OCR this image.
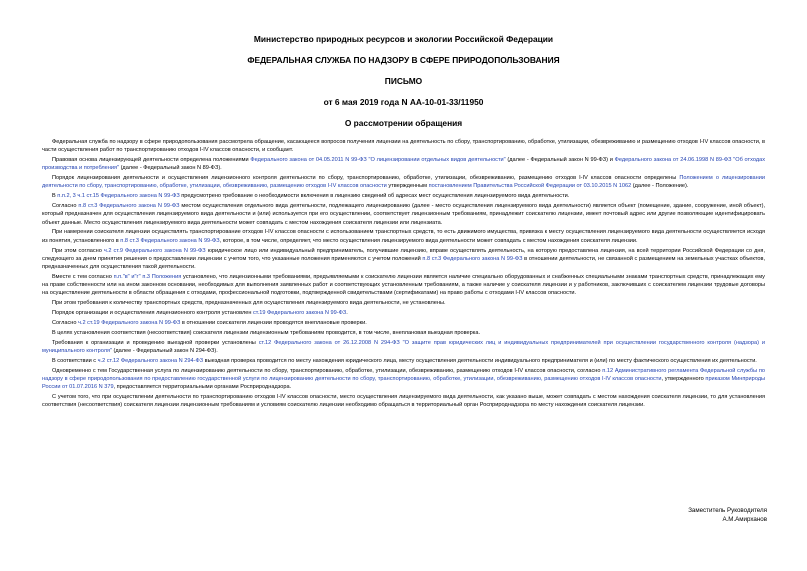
Министерство природных ресурсов и экологии Российской Федерации
ФЕДЕРАЛЬНАЯ СЛУЖБА ПО НАДЗОРУ В СФЕРЕ ПРИРОДОПОЛЬЗОВАНИЯ
ПИСЬМО
от 6 мая 2019 года N АА-10-01-33/11950
О рассмотрении обращения

Федеральная служба по надзору в сфере природопользования рассмотрела обращение, касающееся вопросов получения лицензии на деятельность по сбору, транспортированию, обработке, утилизации, обезвреживанию и размещению отходов I-IV классов опасности, в части осуществления работ по транспортированию отходов I-IV классов опасности, и сообщает.

Правовая основа лицензирующей деятельности определена положениями Федерального закона от 04.05.2011 N 99-ФЗ "О лицензировании отдельных видов деятельности" (далее - Федеральный закон N 99-ФЗ) и Федерального закона от 24.06.1998 N 89-ФЗ "Об отходах производства и потребления" (далее - Федеральный закон N 89-ФЗ).

Порядок лицензирования деятельности и осуществления лицензионного контроля деятельности по сбору, транспортированию, обработке, утилизации, обезвреживанию, размещению отходов I-IV классов опасности определены Положением о лицензировании деятельности по сбору, транспортированию, обработке, утилизации, обезвреживанию, размещению отходов I-IV классов опасности утвержденным постановлением Правительства Российской Федерации от 03.10.2015 N 1062 (далее - Положение).

В п.п.2, 3 ч.1 ст.15 Федерального закона N 99-ФЗ предусмотрено требование о необходимости включения в лицензию сведений об адресах мест осуществления лицензируемого вида деятельности.

Согласно п.8 ст.3 Федерального закона N 99-ФЗ местом осуществления отдельного вида деятельности, подлежащего лицензированию (далее - место осуществления лицензируемого вида деятельности) является объект (помещение, здание, сооружение, иной объект), который предназначен для осуществления лицензируемого вида деятельности и (или) используется при его осуществлении, соответствует лицензионным требованиям, принадлежит соискателю лицензии, имеет почтовый адрес или другие позволяющие идентифицировать объект данные. Место осуществления лицензируемого вида деятельности может совпадать с местом нахождения соискателя лицензии или лицензиата.

При намерении соискателя лицензии осуществлять транспортирование отходов I-IV классов опасности с использованием транспортных средств, то есть движимого имущества, привязка к месту осуществления лицензируемого вида деятельности осуществляется исходя из понятия, установленного в п.8 ст.3 Федерального закона N 99-ФЗ, которое, в том числе, определяет, что место осуществления лицензируемого вида деятельности может совпадать с местом нахождения соискателя лицензии.

При этом согласно ч.2 ст.9 Федерального закона N 99-ФЗ юридическое лицо или индивидуальный предприниматель, получившие лицензию, вправе осуществлять деятельность, на которую предоставлена лицензия, на всей территории Российской Федерации со дня, следующего за днем принятия решения о предоставлении лицензии с учетом того, что указанные положения применяются с учетом положений п.8 ст.3 Федерального закона N 99-ФЗ в отношении деятельности, не связанной с размещением на земельных участках объектов, предназначенных для осуществления такой деятельности.

Вместе с тем согласно п.п."в" и"г" п.3 Положения установлено, что лицензионными требованиями, предъявляемыми к соискателю лицензии является наличие специально оборудованных и снабженных специальными знаками транспортных средств, принадлежащих ему на праве собственности или на ином законном основании, необходимых для выполнения заявленных работ и соответствующих установленным требованиям, а также наличие у соискателя лицензии и у работников, заключивших с соискателем лицензии трудовые договоры на осуществление деятельности в области обращения с отходами, профессиональной подготовки, подтвержденной свидетельствами (сертификатами) на право работы с отходами I-IV классов опасности.

При этом требования к количеству транспортных средств, предназначенных для осуществления лицензируемого вида деятельности, не установлены.

Порядок организации и осуществления лицензионного контроля установлен ст.19 Федерального закона N 99-ФЗ.

Согласно ч.2 ст.19 Федерального закона N 99-ФЗ в отношении соискателя лицензии проводятся внеплановые проверки.

В целях установления соответствия (несоответствия) соискателя лицензии лицензионным требованиям проводится, в том числе, внеплановая выездная проверка.

Требования к организации и проведению выездной проверки установлены ст.12 Федерального закона от 26.12.2008 N 294-ФЗ "О защите прав юридических лиц и индивидуальных предпринимателей при осуществлении государственного контроля (надзора) и муниципального контроля" (далее - Федеральный закон N 294-ФЗ).

В соответствии с ч.2 ст.12 Федерального закона N 294-ФЗ выездная проверка проводится по месту нахождения юридического лица, месту осуществления деятельности индивидуального предпринимателя и (или) по месту фактического осуществления их деятельности.

Одновременно с тем Государственная услуга по лицензированию деятельности по сбору, транспортированию, обработке, утилизации, обезвреживанию, размещению отходов I-IV классов опасности, согласно п.12 Административного регламента Федеральной службы по надзору в сфере природопользования по предоставлению государственной услуги по лицензированию деятельности по сбору, транспортированию, обработке, утилизации, обезвреживанию, размещению отходов I-IV классов опасности, утвержденного приказом Минприроды России от 01.07.2016 N 379, предоставляется территориальными органами Росприроднадзора.

С учетом того, что при осуществлении деятельности по транспортированию отходов I-IV классов опасности, место осуществления лицензируемого вида деятельности, как указано выше, может совпадать с местом нахождения соискателя лицензии, то для установления соответствия (несоответствия) соискателя лицензии лицензионным требованиям и условиям соискателю лицензии необходимо обращаться в территориальный орган Росприроднадзора по месту нахождения соискателя лицензии.

Заместитель Руководителя
А.М.Амирханов
